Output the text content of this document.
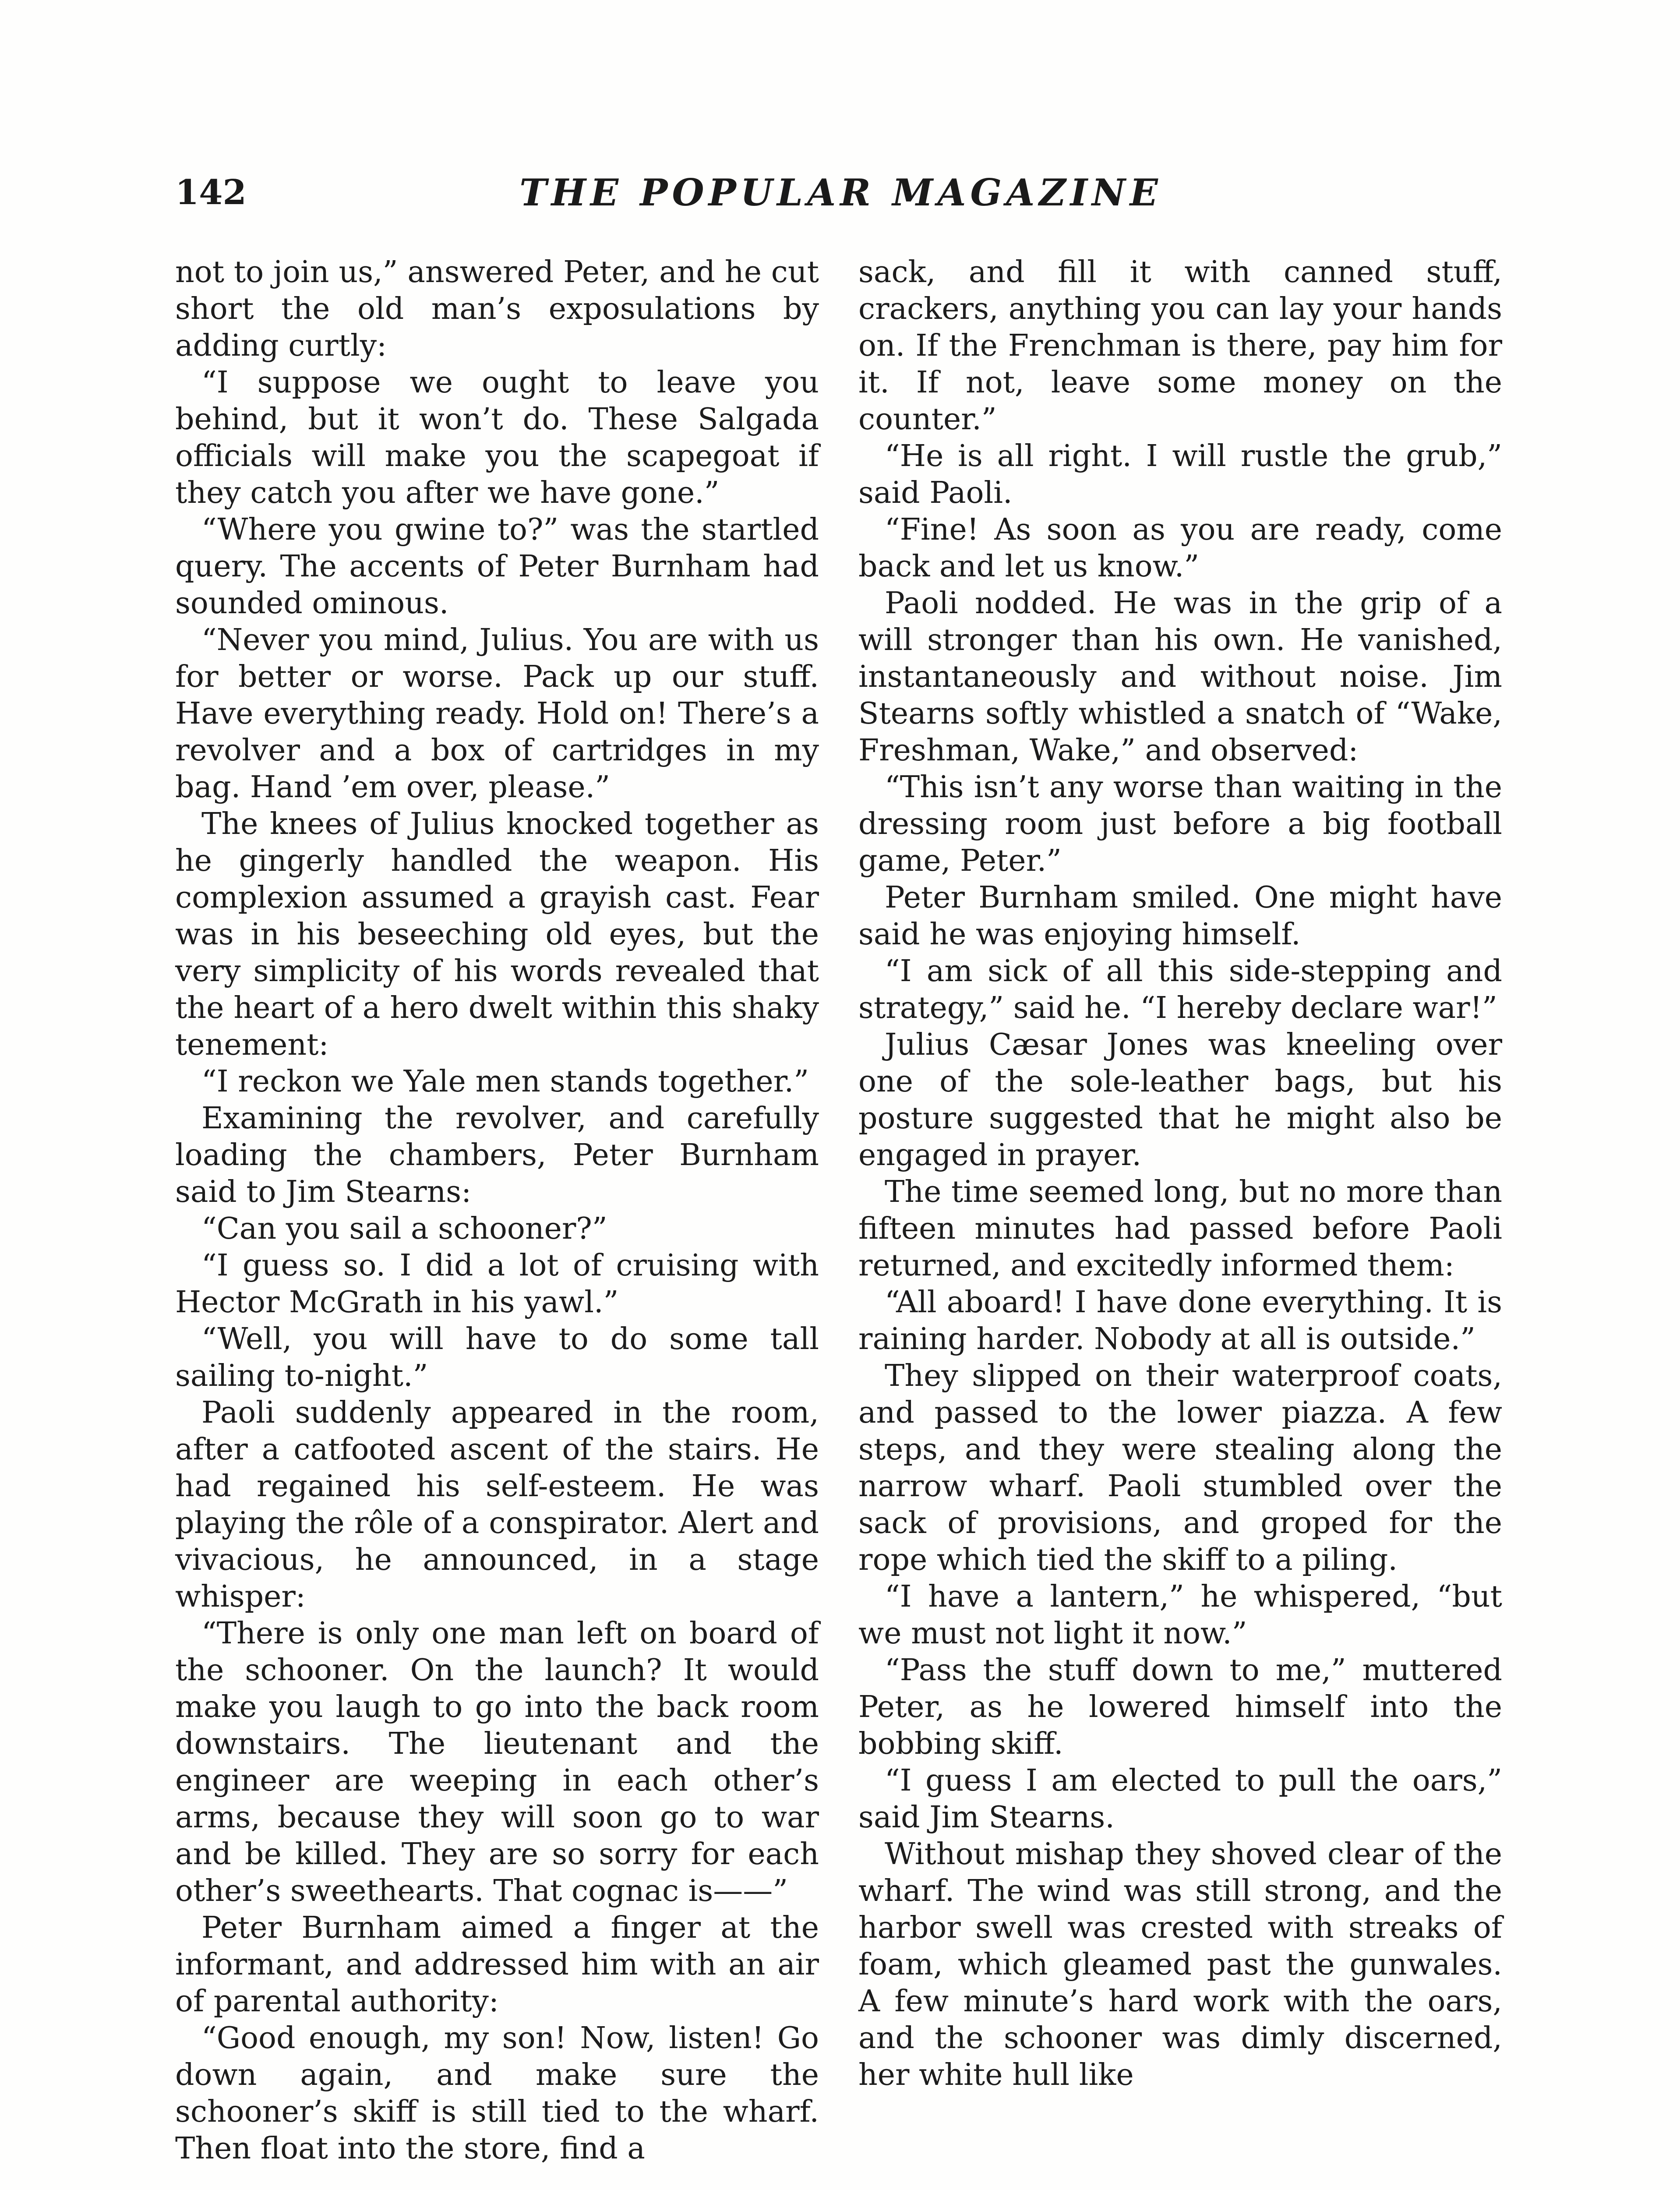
142	THE POPULAR MAGAZINE

not to join us,” answered Peter, and he cut short the old man’s exposulations by adding curtly:

“I suppose we ought to leave you behind, but it won’t do. These Salgada officials will make you the scapegoat if they catch you after we have gone.”

“Where you gwine to?” was the startled query. The accents of Peter Burnham had sounded ominous.

“Never you mind, Julius. You are with us for better or worse. Pack up our stuff. Have everything ready. Hold on! There’s a revolver and a box of cartridges in my bag. Hand ’em over, please.”

The knees of Julius knocked together as he gingerly handled the weapon. His complexion assumed a grayish cast. Fear was in his beseeching old eyes, but the very simplicity of his words revealed that the heart of a hero dwelt within this shaky tenement:

“I reckon we Yale men stands together.”

Examining the revolver, and carefully loading the chambers, Peter Burnham said to Jim Stearns:

“Can you sail a schooner?”

“I guess so. I did a lot of cruising with Hector McGrath in his yawl.”

“Well, you will have to do some tall sailing to-night.”

Paoli suddenly appeared in the room, after a catfooted ascent of the stairs. He had regained his self-esteem. He was playing the rôle of a conspirator. Alert and vivacious, he announced, in a stage whisper:

“There is only one man left on board of the schooner. On the launch? It would make you laugh to go into the back room downstairs. The lieutenant and the engineer are weeping in each other’s arms, because they will soon go to war and be killed. They are so sorry for each other’s sweethearts. That cognac is——”

Peter Burnham aimed a finger at the informant, and addressed him with an air of parental authority:

“Good enough, my son! Now, listen! Go down again, and make sure the schooner’s skiff is still tied to the wharf. Then float into the store, find a

sack, and fill it with canned stuff, crackers, anything you can lay your hands on. If the Frenchman is there, pay him for it. If not, leave some money on the counter.”

“He is all right. I will rustle the grub,” said Paoli.

“Fine! As soon as you are ready, come back and let us know.”

Paoli nodded. He was in the grip of a will stronger than his own. He vanished, instantaneously and without noise. Jim Stearns softly whistled a snatch of “Wake, Freshman, Wake,” and observed:

“This isn’t any worse than waiting in the dressing room just before a big football game, Peter.”

Peter Burnham smiled. One might have said he was enjoying himself.

“I am sick of all this side-stepping and strategy,” said he. “I hereby declare war!”

Julius Cæsar Jones was kneeling over one of the sole-leather bags, but his posture suggested that he might also be engaged in prayer.

The time seemed long, but no more than fifteen minutes had passed before Paoli returned, and excitedly informed them:

“All aboard! I have done everything. It is raining harder. Nobody at all is outside.”

They slipped on their waterproof coats, and passed to the lower piazza. A few steps, and they were stealing along the narrow wharf. Paoli stumbled over the sack of provisions, and groped for the rope which tied the skiff to a piling.

“I have a lantern,” he whispered, “but we must not light it now.”

“Pass the stuff down to me,” muttered Peter, as he lowered himself into the bobbing skiff.

“I guess I am elected to pull the oars,” said Jim Stearns.

Without mishap they shoved clear of the wharf. The wind was still strong, and the harbor swell was crested with streaks of foam, which gleamed past the gunwales. A few minute’s hard work with the oars, and the schooner was dimly discerned, her white hull like
